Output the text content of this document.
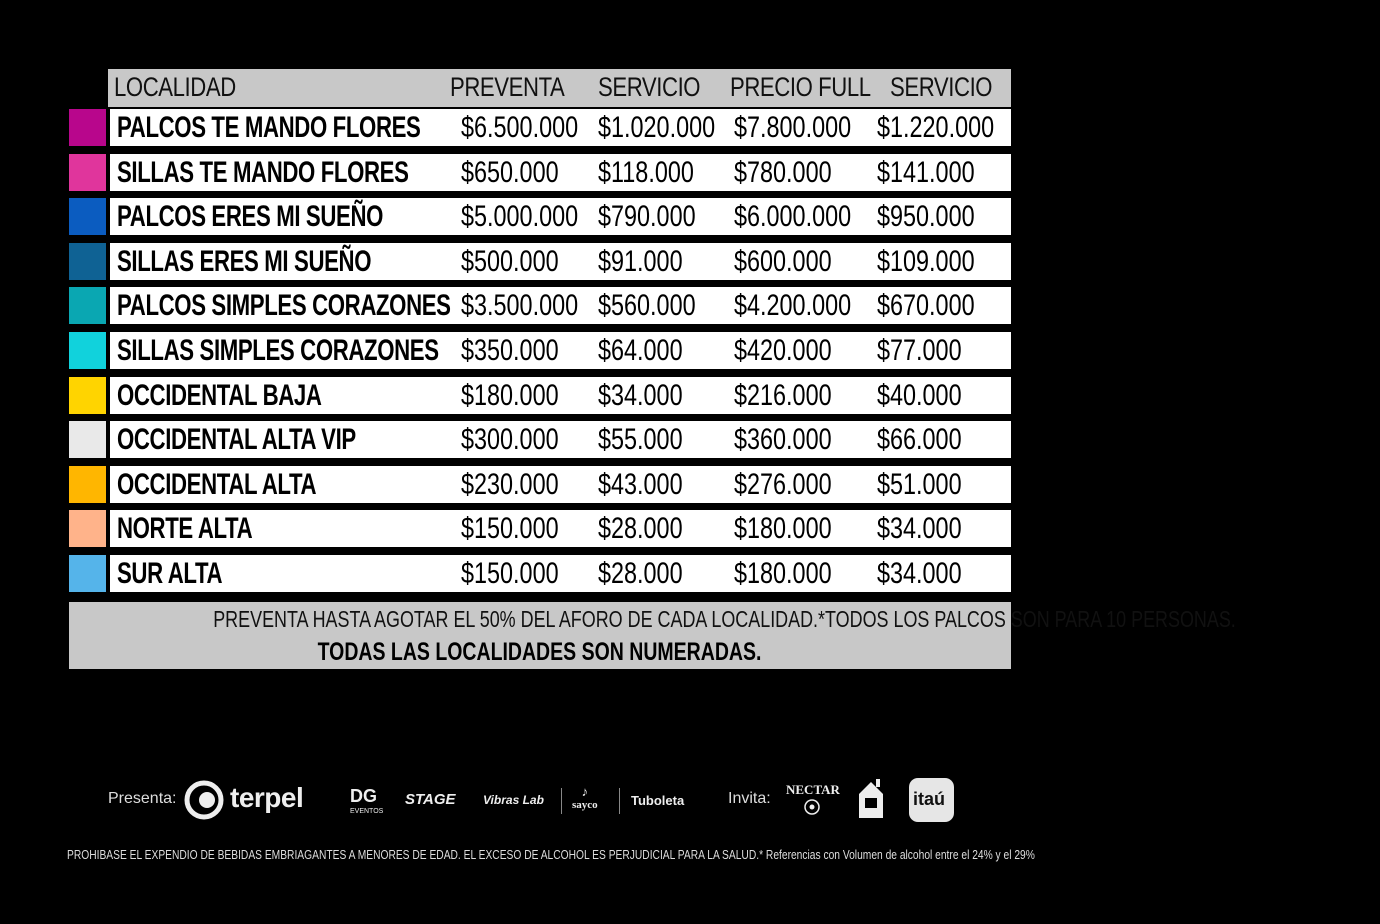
LOCALIDAD	PREVENTA SERVICIO PRECIO FULL SERVICIO
PALCOS TE MANDO FLORES $6.500.000 $1.020.000 $7.800.000 $1.220.000
SILLAS TE MANDO FLORES $650.000 $118.000 $780.000 $141.000
PALCOS ERES MI SUEÑO	$5.000.000 $790.000 $6.000.000 $950.000
SILLAS ERES MI SUEÑO	$500.000 $91.000 $600.000 $109.000
PALCOS SIMPLES CORAZONES $3.500.000 $560.000 $4.200.000 $670.000
SILLAS SIMPLES CORAZONES $350.000 $64.000 $420.000 $77.000
OCCIDENTAL BAJA	$180.000 $34.000 $216.000 $40.000
OCCIDENTAL ALTA VIP	$300.000 $55.000 $360.000 $66.000
OCCIDENTAL ALTA	$230.000 $43.000 $276.000 $51.000
NORTE ALTA	$150.000 $28.000 $180.000 $34.000
SUR ALTA	$150.000 $28.000 $180.000 $34.000
PREVENTA HASTA AGOTAR EL 50% DEL AFORO DE CADA LOCALIDAD.*TODOS LOS PALCOS SON PARA 10 PERSONAS.
TODAS LAS LOCALIDADES SON NUMERADAS.
Presenta: terpel	DG
EVENTOS
STAGE Vibras Lab
♪
sayco	Tuboleta	Invita:
NECTAR	itaú
PROHIBASE EL EXPENDIO DE BEBIDAS EMBRIAGANTES A MENORES DE EDAD. EL EXCESO DE ALCOHOL ES PERJUDICIAL PARA LA SALUD.* Referencias con Volumen de alcohol entre el 24% y el 29%
